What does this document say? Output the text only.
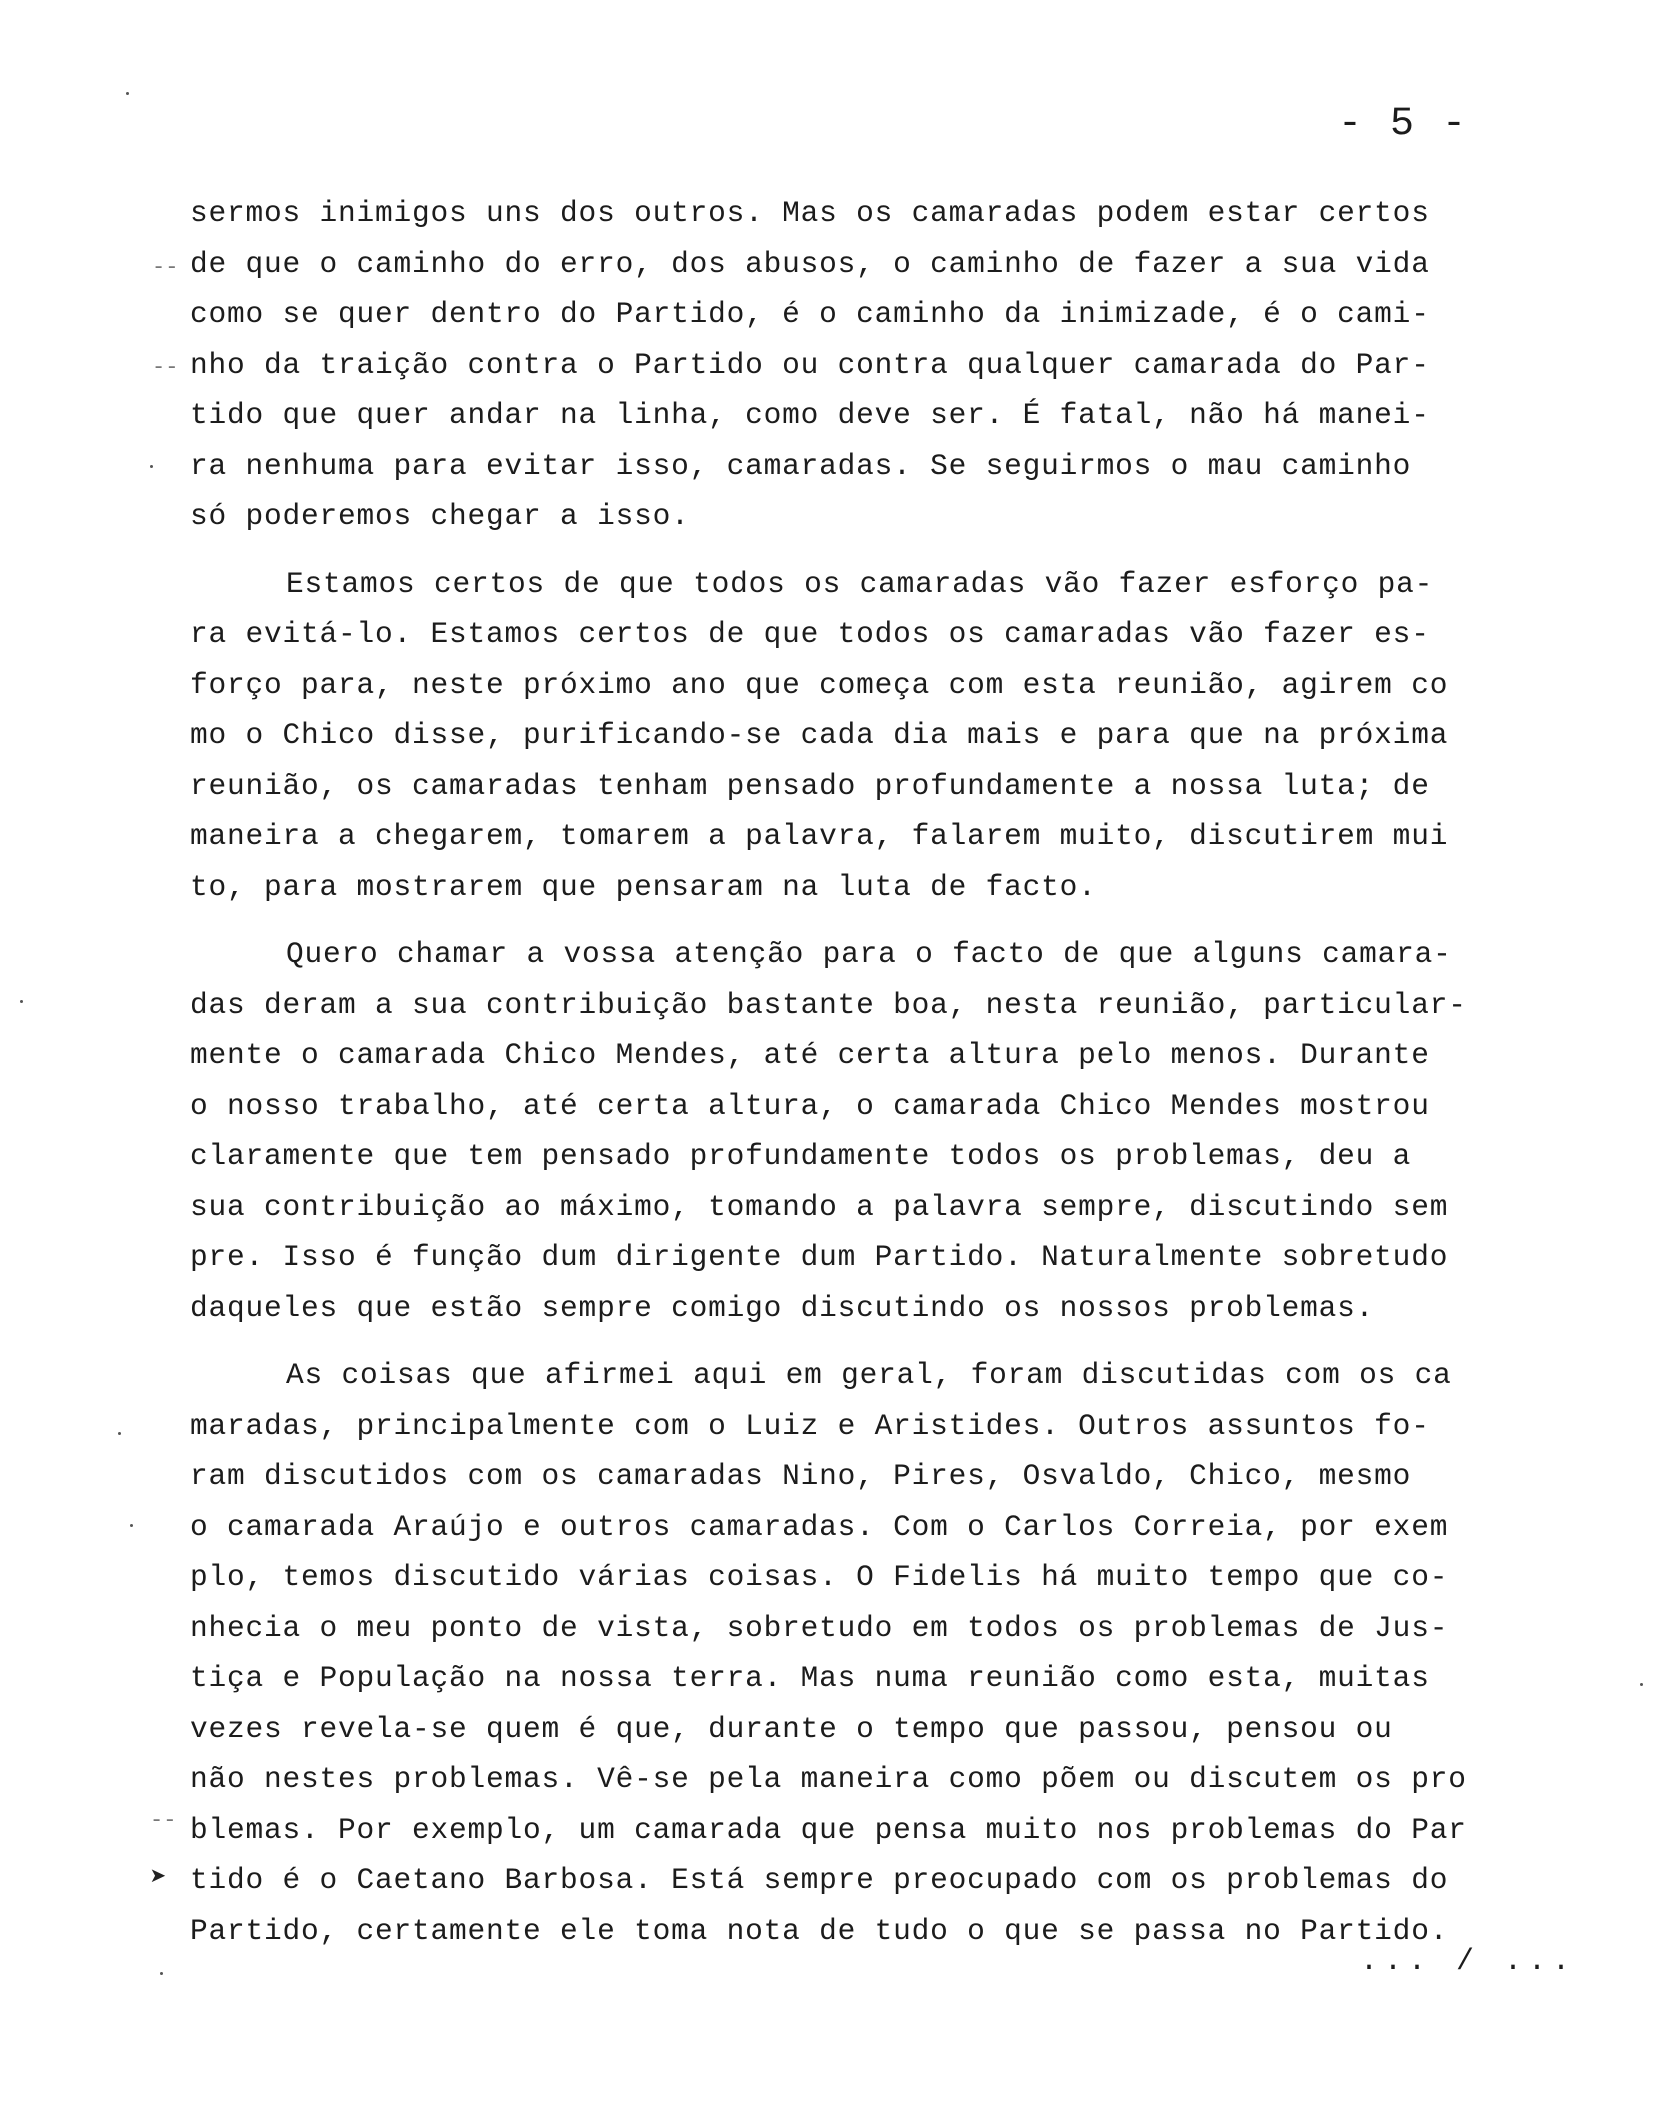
- 5 -
sermos inimigos uns dos outros. Mas os camaradas podem estar certos
de que o caminho do erro, dos abusos, o caminho de fazer a sua vida
como se quer dentro do Partido, é o caminho da inimizade, é o cami-
nho da traição contra o Partido ou contra qualquer camarada do Par-
tido que quer andar na linha, como deve ser. É fatal, não há manei-
ra nenhuma para evitar isso, camaradas. Se seguirmos o mau caminho
só poderemos chegar a isso.
Estamos certos de que todos os camaradas vão fazer esforço pa-
ra evitá-lo. Estamos certos de que todos os camaradas vão fazer es-
forço para, neste próximo ano que começa com esta reunião, agirem co
mo o Chico disse, purificando-se cada dia mais e para que na próxima
reunião, os camaradas tenham pensado profundamente a nossa luta; de
maneira a chegarem, tomarem a palavra, falarem muito, discutirem mui
to, para mostrarem que pensaram na luta de facto.
Quero chamar a vossa atenção para o facto de que alguns camara-
das deram a sua contribuição bastante boa, nesta reunião, particular-
mente o camarada Chico Mendes, até certa altura pelo menos. Durante
o nosso trabalho, até certa altura, o camarada Chico Mendes mostrou
claramente que tem pensado profundamente todos os problemas, deu a
sua contribuição ao máximo, tomando a palavra sempre, discutindo sem
pre. Isso é função dum dirigente dum Partido. Naturalmente sobretudo
daqueles que estão sempre comigo discutindo os nossos problemas.
As coisas que afirmei aqui em geral, foram discutidas com os ca
maradas, principalmente com o Luiz e Aristides. Outros assuntos fo-
ram discutidos com os camaradas Nino, Pires, Osvaldo, Chico, mesmo
o camarada Araújo e outros camaradas. Com o Carlos Correia, por exem
plo, temos discutido várias coisas. O Fidelis há muito tempo que co-
nhecia o meu ponto de vista, sobretudo em todos os problemas de Jus-
tiça e População na nossa terra. Mas numa reunião como esta, muitas
vezes revela-se quem é que, durante o tempo que passou, pensou ou
não nestes problemas. Vê-se pela maneira como põem ou discutem os pro
blemas. Por exemplo, um camarada que pensa muito nos problemas do Par
tido é o Caetano Barbosa. Está sempre preocupado com os problemas do
Partido, certamente ele toma nota de tudo o que se passa no Partido.
... / ...
--
--
--
➤
